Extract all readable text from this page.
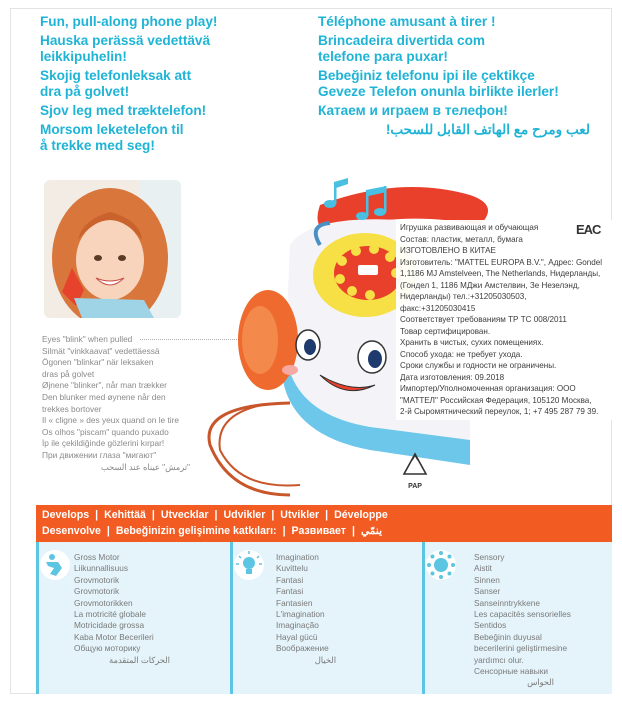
Fun, pull-along phone play!
Hauska perässä vedettävä
leikkipuhelin!
Skojig telefonleksak att
dra på golvet!
Sjov leg med træktelefon!
Morsom leketelefon til
å trekke med seg!
Téléphone amusant à tirer !
Brincadeira divertida com
telefone para puxar!
Bebeğiniz telefonu ipi ile çektikçe
Geveze Telefon onunla birlikte ilerler!
Катаем и играем в телефон!
لعب ومرح مع الهاتف القابل للسحب!
Eyes "blink" when pulled
Silmät "vinkkaavat" vedettäessä
Ögonen "blinkar" när leksaken
dras på golvet
Øjnene "blinker", når man trækker
Den blunker med øynene når den
trekkes bortover
Il « cligne » des yeux quand on le tire
Os olhos "piscam" quando puxado
İp ile çekildiğinde gözlerini kırpar!
При движении глаза "мигают"
"ترمش" عيناه عند السحب
Игрушка развивающая и обучающая
Состав: пластик, металл, бумага
ИЗГОТОВЛЕНО В КИТАЕ
Изготовитель: "MATTEL EUROPA B.V.", Адрес: Gondel
1,1186 MJ Amstelveen, The Netherlands, Нидерланды,
(Гондел 1, 1186 МДжи Амстелвин, Зе Незелэнд,
Нидерланды) тел.:+31205030503,
факс:+31205030415
Соответствует требованиям ТР ТС 008/2011
Товар сертифицирован.
Хранить в чистых, сухих помещениях.
Способ ухода: не требует ухода.
Сроки службы и годности не ограничены.
Дата изготовления: 09.2018
Импортер/Уполномоченная организация: ООО
"МАТТЕЛ" Российская Федерация, 105120 Москва,
2-й Сыромятнический переулок, 1; +7 495 287 79 39.
EAC
PAP
Develops | Kehittää | Utvecklar | Udvikler | Utvikler | Développe
Desenvolve | Bebeğinizin gelişimine katkıları: | Развивает | ينمّي
Gross Motor
Liikunnallisuus
Grovmotorik
Grovmotorik
Grovmotorikken
La motricité globale
Motricidade grossa
Kaba Motor Becerileri
Общую моторику
الحركات المتقدمة
Imagination
Kuvittelu
Fantasi
Fantasi
Fantasien
L'imagination
Imaginação
Hayal gücü
Воображение
الخيال
Sensory
Aistit
Sinnen
Sanser
Sanseinntrykkene
Les capacités sensorielles
Sentidos
Bebeğinin duyusal
becerilerini geliştirmesine
yardımcı olur.
Сенсорные навыки
الحواس
